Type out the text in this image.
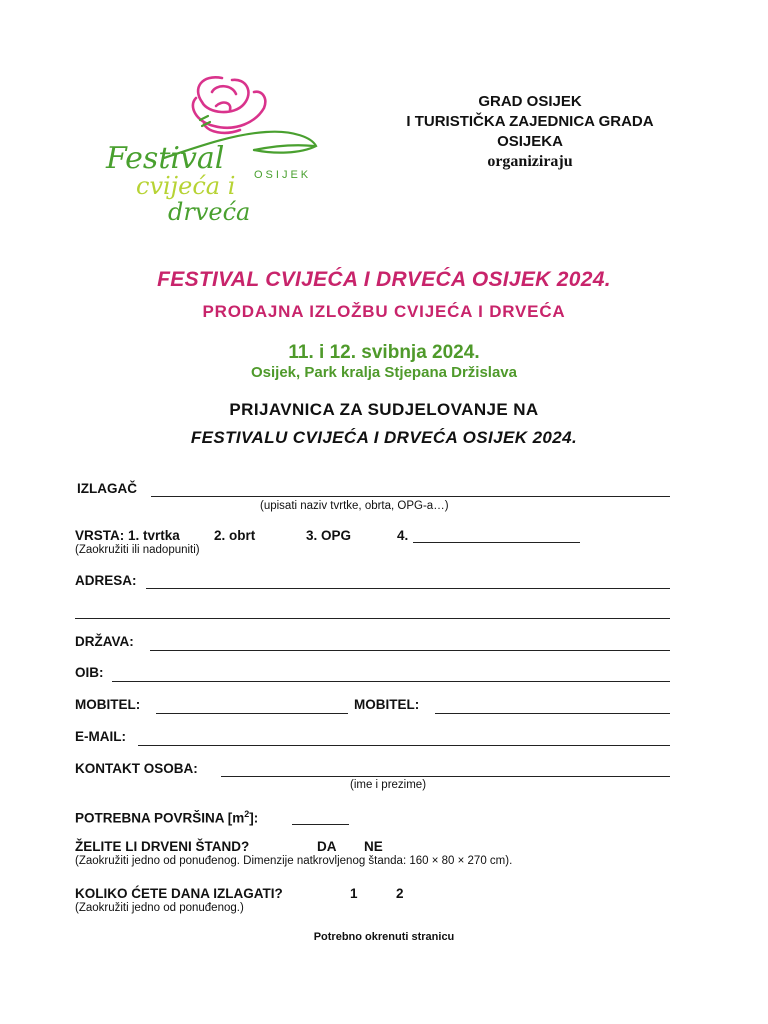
Festival
cvijeća i
drveća
OSIJEK
GRAD OSIJEK
I TURISTIČKA ZAJEDNICA GRADA
OSIJEKA
organiziraju
FESTIVAL CVIJEĆA I DRVEĆA OSIJEK 2024.
PRODAJNA IZLOŽBU CVIJEĆA I DRVEĆA
11. i 12. svibnja 2024.
Osijek, Park kralja Stjepana Držislava
PRIJAVNICA ZA SUDJELOVANJE NA
FESTIVALU CVIJEĆA I DRVEĆA OSIJEK 2024.
IZLAGAČ
(upisati naziv tvrtke, obrta, OPG-a…)
VRSTA: 1. tvrtka	2. obrt	3. OPG	4.
(Zaokružiti ili nadopuniti)
ADRESA:
DRŽAVA:
OIB:
MOBITEL:	MOBITEL:
E-MAIL:
KONTAKT OSOBA:
(ime i prezime)
POTREBNA POVRŠINA $[m^2]$:
ŽELITE LI DRVENI ŠTAND?	DA NE
(Zaokružiti jedno od ponuđenog. Dimenzije natkrovljenog štanda: 160 × 80 × 270 cm).
KOLIKO ĆETE DANA IZLAGATI?	1	2
(Zaokružiti jedno od ponuđenog.)
Potrebno okrenuti stranicu
